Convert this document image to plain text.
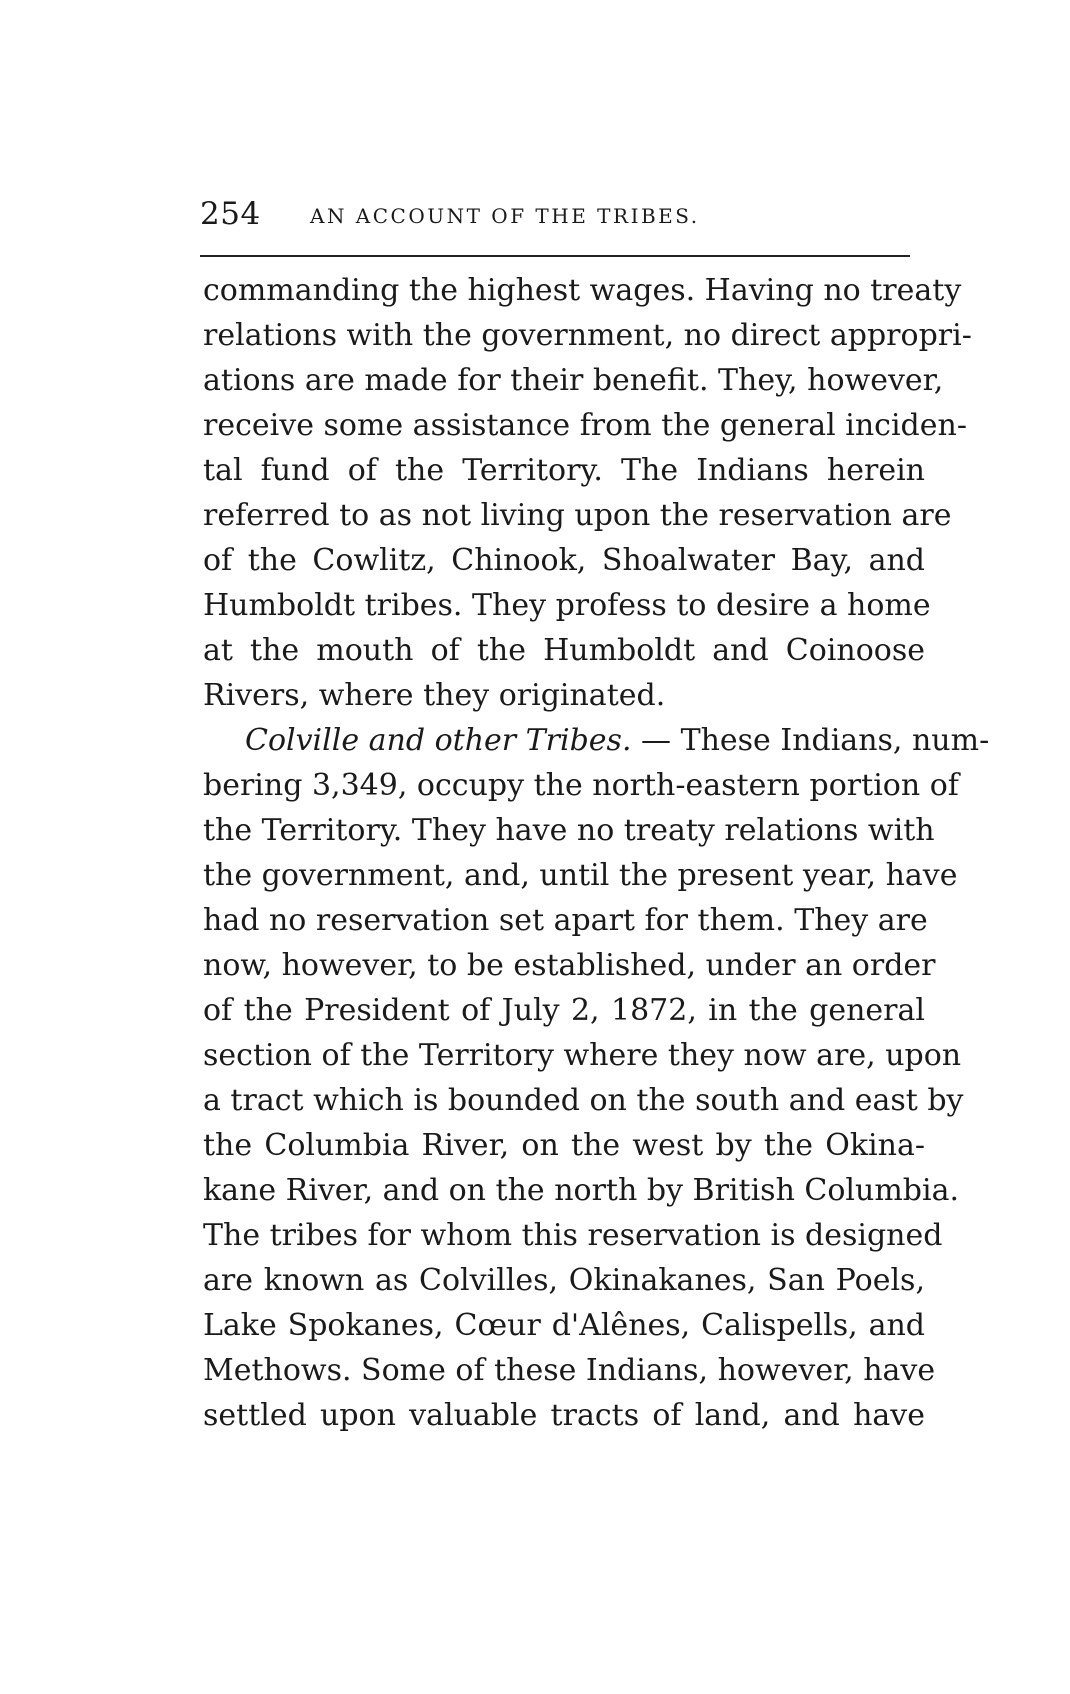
254 AN ACCOUNT OF THE TRIBES.
commanding the highest wages. Having no treaty
relations with the government, no direct appropri-
ations are made for their benefit. They, however,
receive some assistance from the general inciden-
tal fund of the Territory. The Indians herein
referred to as not living upon the reservation are
of the Cowlitz, Chinook, Shoalwater Bay, and
Humboldt tribes. They profess to desire a home
at the mouth of the Humboldt and Coinoose
Rivers, where they originated.
Colville and other Tribes. — These Indians, num-
bering 3,349, occupy the north-eastern portion of
the Territory. They have no treaty relations with
the government, and, until the present year, have
had no reservation set apart for them. They are
now, however, to be established, under an order
of the President of July 2, 1872, in the general
section of the Territory where they now are, upon
a tract which is bounded on the south and east by
the Columbia River, on the west by the Okina-
kane River, and on the north by British Columbia.
The tribes for whom this reservation is designed
are known as Colvilles, Okinakanes, San Poels,
Lake Spokanes, Cœur d'Alênes, Calispells, and
Methows. Some of these Indians, however, have
settled upon valuable tracts of land, and have
